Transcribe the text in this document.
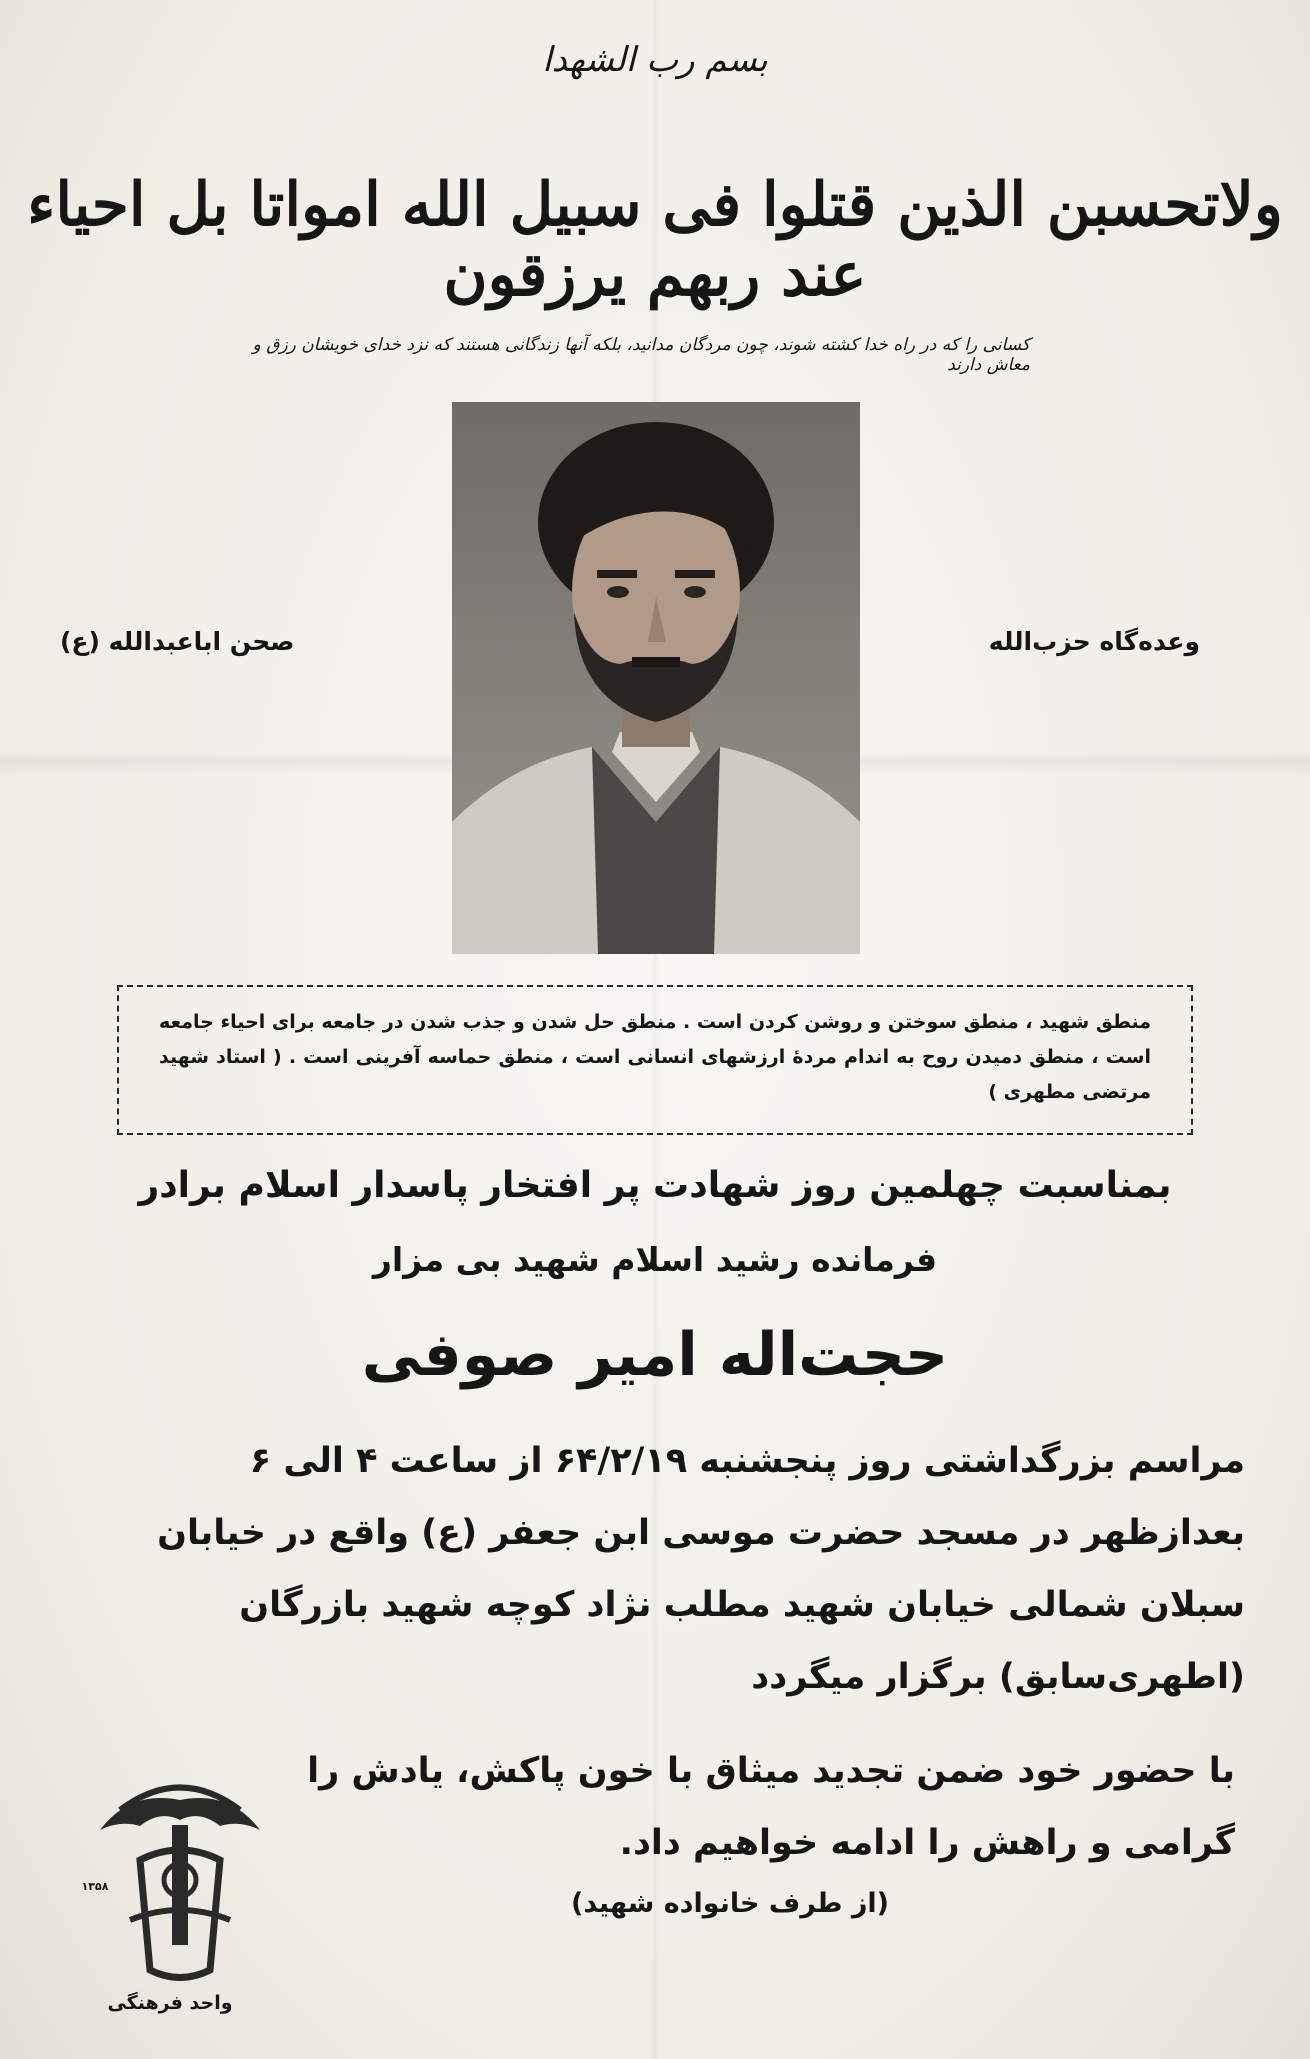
بسم رب الشهدا
ولاتحسبن الذين قتلوا فی سبیل الله امواتا بل احیاء عند ربهم یرزقون
کسانی را که در راه خدا کشته شوند، چون مردگان مدانید، بلکه آنها زندگانی هستند که نزد خدای خویشان رزق و معاش دارند
وعده‌گاه حزب‌الله
صحن اباعبدالله (ع)
منطق شهید ، منطق سوختن و روشن کردن است . منطق حل شدن و جذب شدن در جامعه برای احیاء جامعه است ، منطق دمیدن روح به اندام مردهٔ ارزشهای انسانی است ، منطق حماسه آفرینی است . ( استاد شهید مرتضی مطهری )
بمناسبت چهلمین روز شهادت پر افتخار پاسدار اسلام برادر
فرمانده رشید اسلام شهید بی مزار
حجت‌اله امیر صوفی
مراسم بزرگداشتی روز پنجشنبه ۶۴/۲/۱۹ از ساعت ۴ الی ۶ بعدازظهر در مسجد حضرت موسی ابن جعفر (ع) واقع در خیابان سبلان شمالی خیابان شهید مطلب نژاد کوچه شهید بازرگان (اطهری‌سابق) برگزار میگردد
با حضور خود ضمن تجدید میثاق با خون پاکش، یادش را گرامی و راهش را ادامه خواهیم داد.
(از طرف خانواده شهید)
۱۳۵۸
واحد فرهنگی
